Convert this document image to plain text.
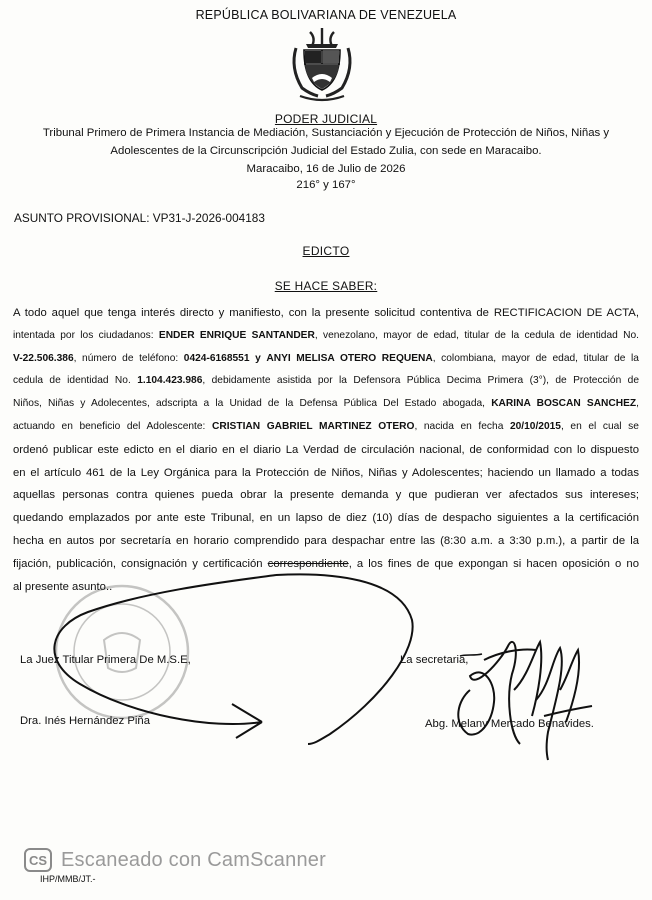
REPÚBLICA BOLIVARIANA DE VENEZUELA
PODER JUDICIAL
Tribunal Primero de Primera Instancia de Mediación, Sustanciación y Ejecución de Protección de Niños, Niñas y
Adolescentes de la Circunscripción Judicial del Estado Zulia, con sede en Maracaibo.
Maracaibo, 16 de Julio de 2026
216° y 167°
ASUNTO PROVISIONAL: VP31-J-2026-004183
EDICTO
SE HACE SABER:
A todo aquel que tenga interés directo y manifiesto, con la presente solicitud contentiva de RECTIFICACION DE ACTA,
intentada por los ciudadanos: ENDER ENRIQUE SANTANDER, venezolano, mayor de edad, titular de la cedula de identidad No.
V-22.506.386, número de teléfono: 0424-6168551 y ANYI MELISA OTERO REQUENA, colombiana, mayor de edad, titular de la
cedula de identidad No. 1.104.423.986, debidamente asistida por la Defensora Pública Decima Primera (3°), de Protección de
Niños, Niñas y Adolecentes, adscripta a la Unidad de la Defensa Pública Del Estado abogada, KARINA BOSCAN SANCHEZ,
actuando en beneficio del Adolescente: CRISTIAN GABRIEL MARTINEZ OTERO, nacida en fecha 20/10/2015, en el cual se
ordenó publicar este edicto en el diario en el diario La Verdad de circulación nacional, de conformidad con lo dispuesto
en el artículo 461 de la Ley Orgánica para la Protección de Niños, Niñas y Adolescentes; haciendo un llamado a todas
aquellas personas contra quienes pueda obrar la presente demanda y que pudieran ver afectados sus intereses;
quedando emplazados por ante este Tribunal, en un lapso de diez (10) días de despacho siguientes a la certificación
hecha en autos por secretaría en horario comprendido para despachar entre las (8:30 a.m. a 3:30 p.m.), a partir de la
fijación, publicación, consignación y certificación correspondiente, a los fines de que expongan si hacen oposición o no
al presente asunto..
La Juez Titular Primera De M.S.E,	La secretaria,
Dra. Inés Hernández Piña	Abg. Melany Mercado Benavides.
CS Escaneado con CamScanner
IHP/MMB/JT.-
